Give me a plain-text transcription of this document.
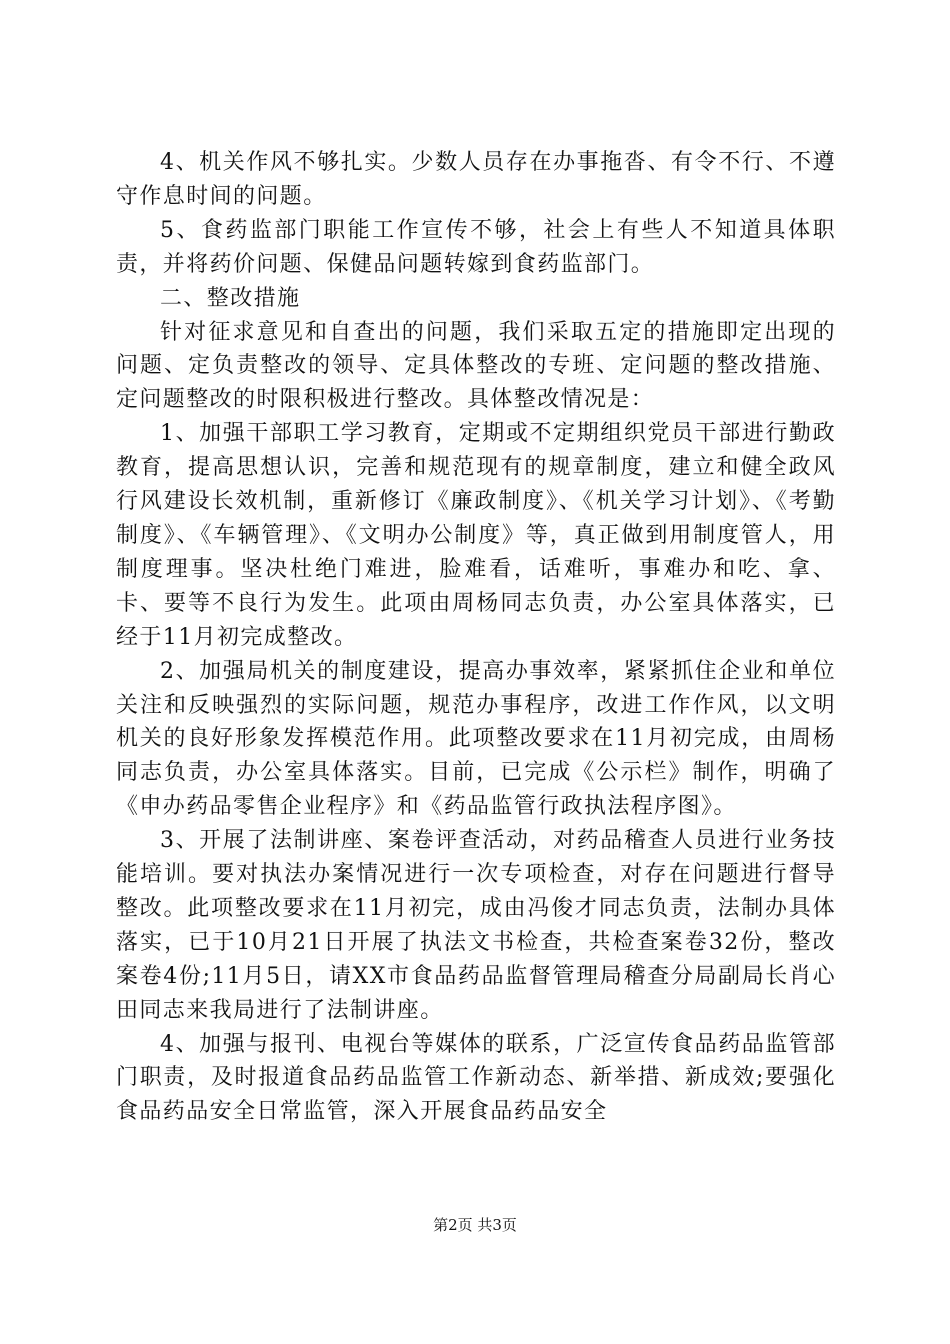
4、机关作风不够扎实。少数人员存在办事拖沓、有令不行、不遵守作息时间的问题。

5、食药监部门职能工作宣传不够，社会上有些人不知道具体职责，并将药价问题、保健品问题转嫁到食药监部门。

二、整改措施

针对征求意见和自查出的问题，我们采取五定的措施即定出现的问题、定负责整改的领导、定具体整改的专班、定问题的整改措施、定问题整改的时限积极进行整改。具体整改情况是：

1、加强干部职工学习教育，定期或不定期组织党员干部进行勤政教育，提高思想认识，完善和规范现有的规章制度，建立和健全政风行风建设长效机制，重新修订《廉政制度》、《机关学习计划》、《考勤制度》、《车辆管理》、《文明办公制度》等，真正做到用制度管人，用制度理事。坚决杜绝门难进，脸难看，话难听，事难办和吃、拿、卡、要等不良行为发生。此项由周杨同志负责，办公室具体落实，已经于11月初完成整改。

2、加强局机关的制度建设，提高办事效率，紧紧抓住企业和单位关注和反映强烈的实际问题，规范办事程序，改进工作作风，以文明机关的良好形象发挥模范作用。此项整改要求在11月初完成，由周杨同志负责，办公室具体落实。目前，已完成《公示栏》制作，明确了《申办药品零售企业程序》和《药品监管行政执法程序图》。

3、开展了法制讲座、案卷评查活动，对药品稽查人员进行业务技能培训。要对执法办案情况进行一次专项检查，对存在问题进行督导整改。此项整改要求在11月初完，成由冯俊才同志负责，法制办具体落实，已于10月21日开展了执法文书检查，共检查案卷32份，整改案卷4份;11月5日，请XX市食品药品监督管理局稽查分局副局长肖心田同志来我局进行了法制讲座。

4、加强与报刊、电视台等媒体的联系，广泛宣传食品药品监管部门职责，及时报道食品药品监管工作新动态、新举措、新成效;要强化食品药品安全日常监管，深入开展食品药品安全

第2页 共3页
